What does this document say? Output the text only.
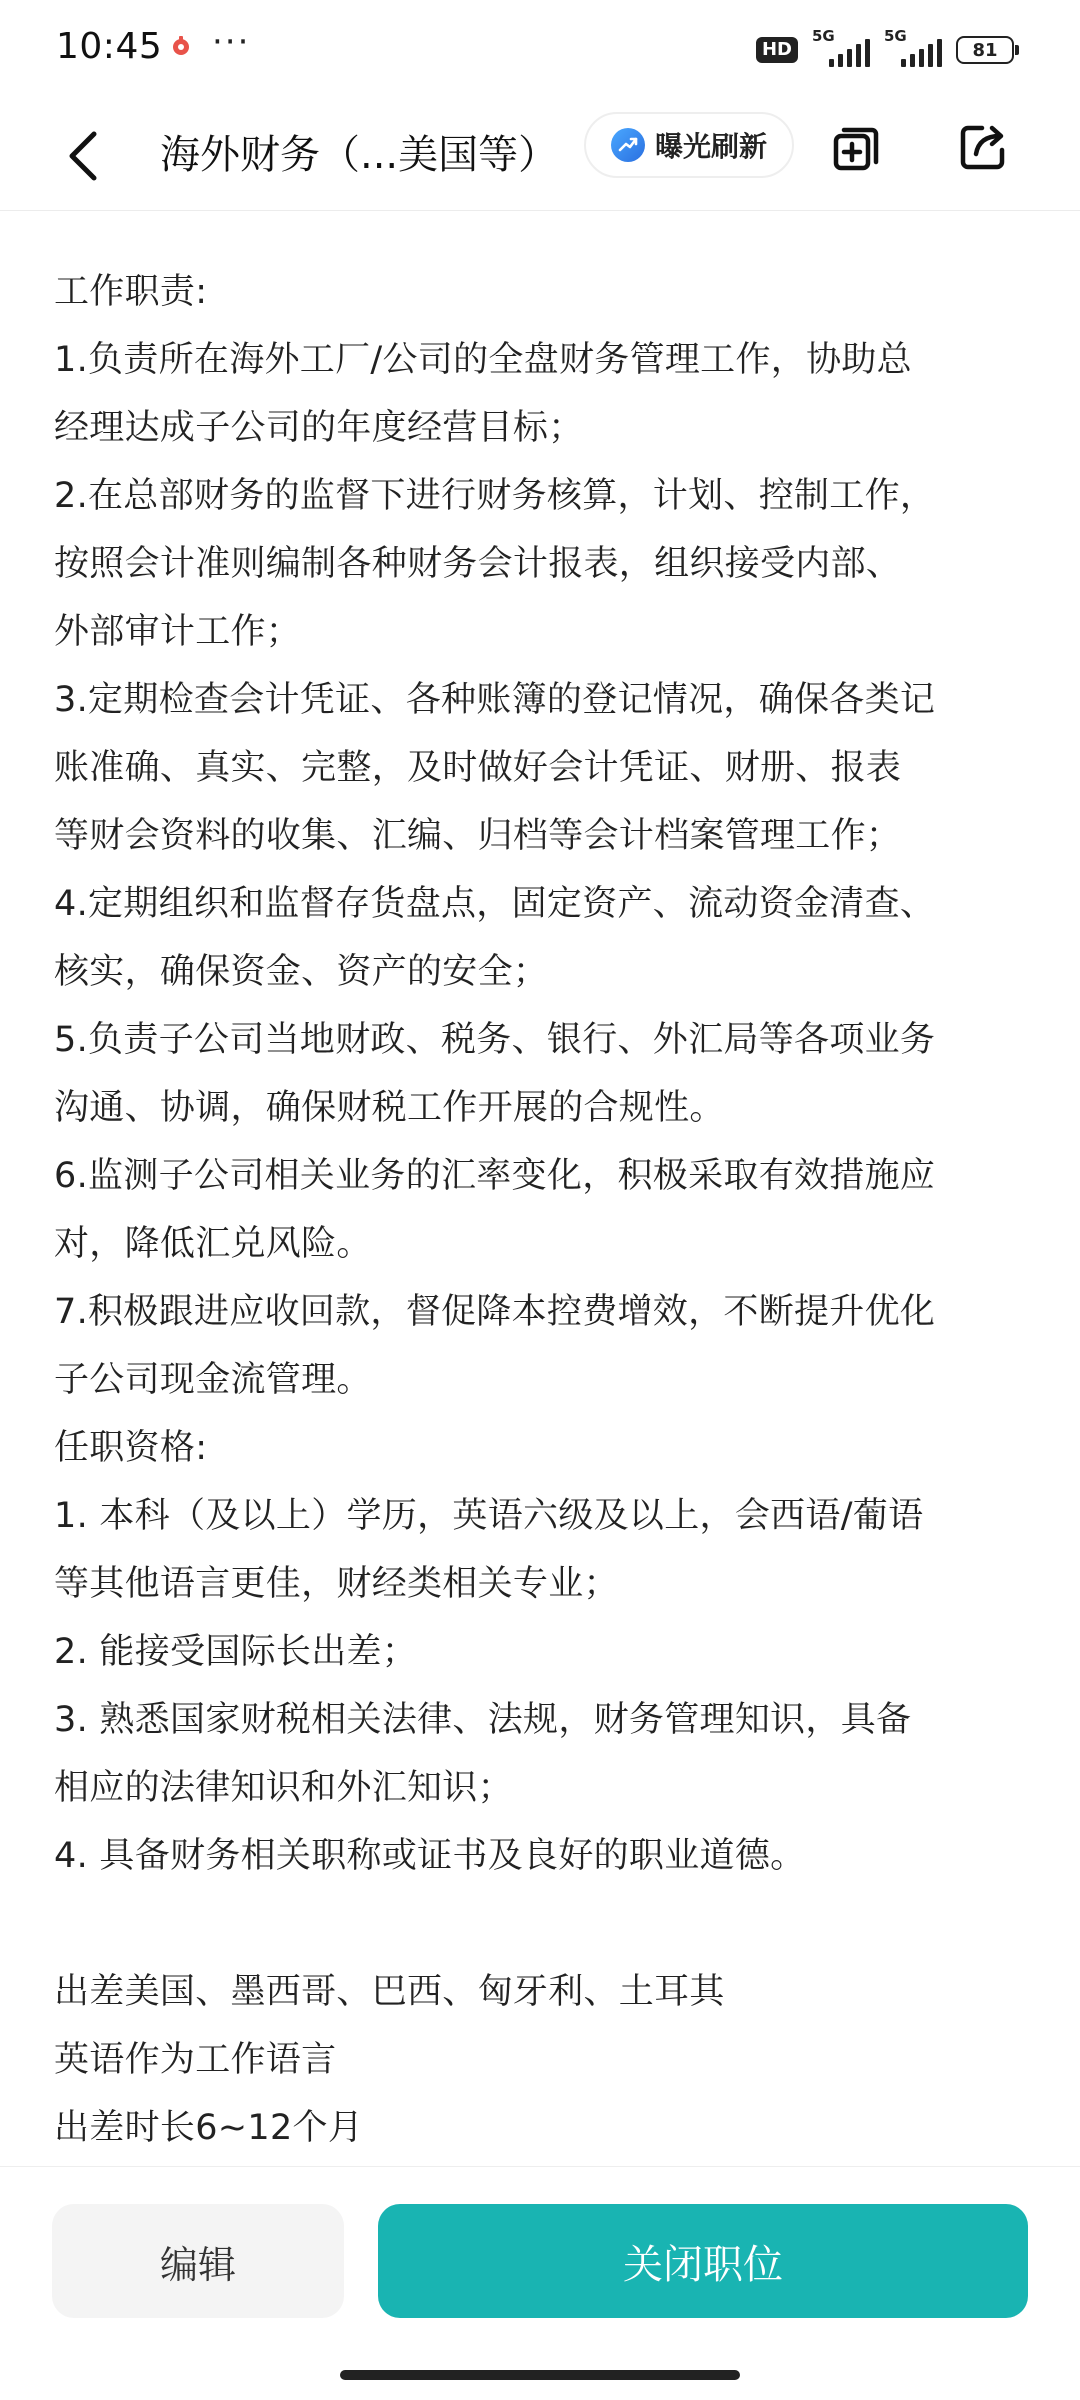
10:45 ···	HD
5G	5G
81
海外财务（...美国等）	曝光刷新
工作职责:
1.负责所在海外工厂/公司的全盘财务管理工作，协助总
经理达成子公司的年度经营目标；
2.在总部财务的监督下进行财务核算，计划、控制工作，
按照会计准则编制各种财务会计报表，组织接受内部、
外部审计工作；
3.定期检查会计凭证、各种账簿的登记情况，确保各类记
账准确、真实、完整，及时做好会计凭证、财册、报表
等财会资料的收集、汇编、归档等会计档案管理工作；
4.定期组织和监督存货盘点，固定资产、流动资金清查、
核实，确保资金、资产的安全；
5.负责子公司当地财政、税务、银行、外汇局等各项业务
沟通、协调，确保财税工作开展的合规性。
6.监测子公司相关业务的汇率变化，积极采取有效措施应
对，降低汇兑风险。
7.积极跟进应收回款，督促降本控费增效，不断提升优化
子公司现金流管理。
任职资格:
1. 本科（及以上）学历，英语六级及以上，会西语/葡语
等其他语言更佳，财经类相关专业；
2. 能接受国际长出差；
3. 熟悉国家财税相关法律、法规，财务管理知识，具备
相应的法律知识和外汇知识；
4. 具备财务相关职称或证书及良好的职业道德。
出差美国、墨西哥、巴西、匈牙利、土耳其
英语作为工作语言
出差时长6~12个月
编辑	关闭职位
